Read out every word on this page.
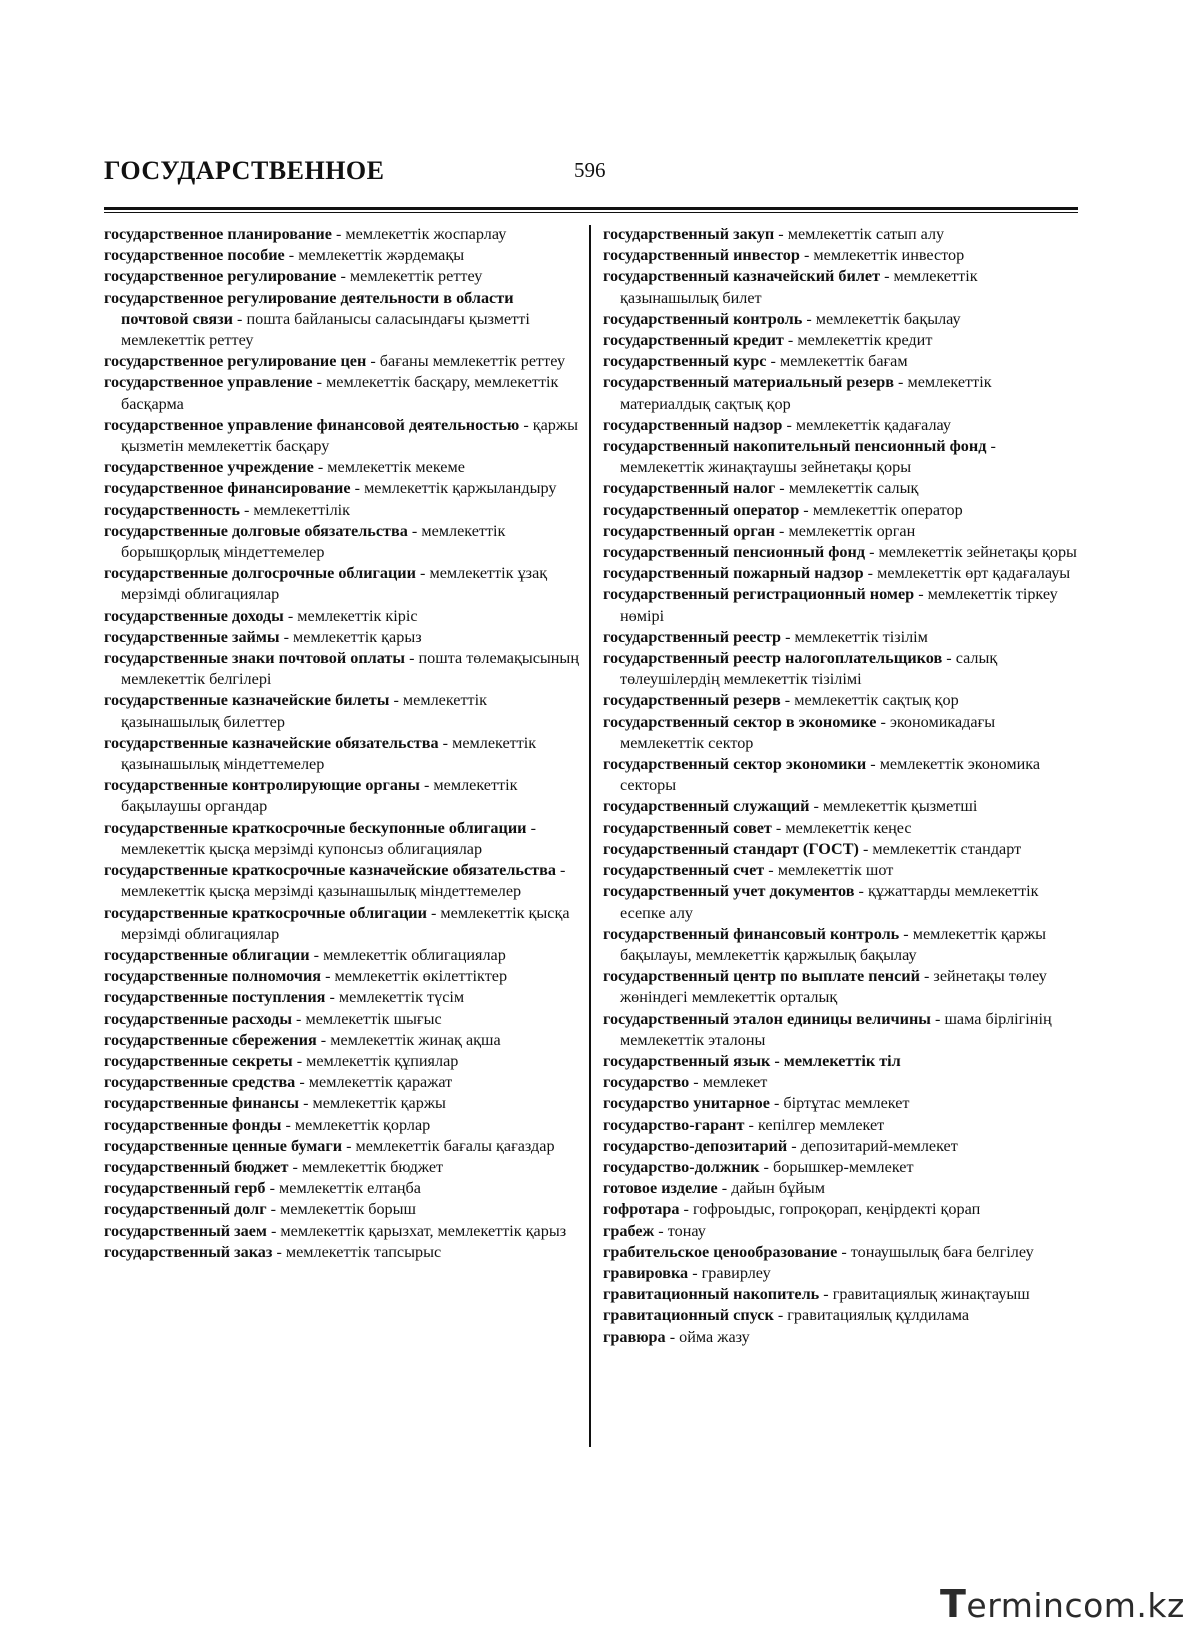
ГОСУДАРСТВЕННОЕ	596
государственное планирование - мемлекеттік жоспарлау
государственное пособие - мемлекеттік жәрдемақы
государственное регулирование - мемлекеттік реттеу
государственное регулирование деятельности в области почтовой связи - пошта байланысы саласындағы қызметті мемлекеттік реттеу
государственное регулирование цен - бағаны мемлекеттік реттеу
государственное управление - мемлекеттік басқару, мемлекеттік басқарма
государственное управление финансовой деятельностью - қаржы қызметін мемлекеттік басқару
государственное учреждение - мемлекеттік мекеме
государственное финансирование - мемлекеттік қаржыландыру
государственность - мемлекеттілік
государственные долговые обязательства - мемлекеттік борышқорлық міндеттемелер
государственные долгосрочные облигации - мемлекеттік ұзақ мерзімді облигациялар
государственные доходы - мемлекеттік кіріс
государственные займы - мемлекеттік қарыз
государственные знаки почтовой оплаты - пошта төлемақысының мемлекеттік белгілері
государственные казначейские билеты - мемлекеттік қазынашылық билеттер
государственные казначейские обязательства - мемлекеттік қазынашылық міндеттемелер
государственные контролирующие органы - мемлекеттік бақылаушы органдар
государственные краткосрочные бескупонные облигации - мемлекеттік қысқа мерзімді купонсыз облигациялар
государственные краткосрочные казначейские обязательства - мемлекеттік қысқа мерзімді қазынашылық міндеттемелер
государственные краткосрочные облигации - мемлекеттік қысқа мерзімді облигациялар
государственные облигации - мемлекеттік облигациялар
государственные полномочия - мемлекеттік өкілеттіктер
государственные поступления - мемлекеттік түсім
государственные расходы - мемлекеттік шығыс
государственные сбережения - мемлекеттік жинақ ақша
государственные секреты - мемлекеттік құпиялар
государственные средства - мемлекеттік қаражат
государственные финансы - мемлекеттік қаржы
государственные фонды - мемлекеттік қорлар
государственные ценные бумаги - мемлекеттік бағалы қағаздар
государственный бюджет - мемлекеттік бюджет
государственный герб - мемлекеттік елтаңба
государственный долг - мемлекеттік борыш
государственный заем - мемлекеттік қарызхат, мемлекеттік қарыз
государственный заказ - мемлекеттік тапсырыс
государственный закуп - мемлекеттік сатып алу
государственный инвестор - мемлекеттік инвестор
государственный казначейский билет - мемлекеттік қазынашылық билет
государственный контроль - мемлекеттік бақылау
государственный кредит - мемлекеттік кредит
государственный курс - мемлекеттік бағам
государственный материальный резерв - мемлекеттік материалдық сақтық қор
государственный надзор - мемлекеттік қадағалау
государственный накопительный пенсионный фонд - мемлекеттік жинақтаушы зейнетақы қоры
государственный налог - мемлекеттік салық
государственный оператор - мемлекеттік оператор
государственный орган - мемлекеттік орган
государственный пенсионный фонд - мемлекеттік зейнетақы қоры
государственный пожарный надзор - мемлекеттік өрт қадағалауы
государственный регистрационный номер - мемлекеттік тіркеу нөмірі
государственный реестр - мемлекеттік тізілім
государственный реестр налогоплательщиков - салық төлеушілердің мемлекеттік тізілімі
государственный резерв - мемлекеттік сақтық қор
государственный сектор в экономике - экономикадағы мемлекеттік сектор
государственный сектор экономики - мемлекеттік экономика секторы
государственный служащий - мемлекеттік қызметші
государственный совет - мемлекеттік кеңес
государственный стандарт (ГОСТ) - мемлекеттік стандарт
государственный счет - мемлекеттік шот
государственный учет документов - құжаттарды мемлекеттік есепке алу
государственный финансовый контроль - мемлекеттік қаржы бақылауы, мемлекеттік қаржылық бақылау
государственный центр по выплате пенсий - зейнетақы төлеу жөніндегі мемлекеттік орталық
государственный эталон единицы величины - шама бірлігінің мемлекеттік эталоны
государственный язык - мемлекеттік тіл
государство - мемлекет
государство унитарное - біртұтас мемлекет
государство-гарант - кепілгер мемлекет
государство-депозитарий - депозитарий-мемлекет
государство-должник - борышкер-мемлекет
готовое изделие - дайын бұйым
гофротара - гофроыдыс, гопроқорап, кеңірдекті қорап
грабеж - тонау
грабительское ценообразование - тонаушылық баға белгілеу
гравировка - гравирлеу
гравитационный накопитель - гравитациялық жинақтауыш
гравитационный спуск - гравитациялық құлдилама
гравюра - ойма жазу
Termincom.kz
